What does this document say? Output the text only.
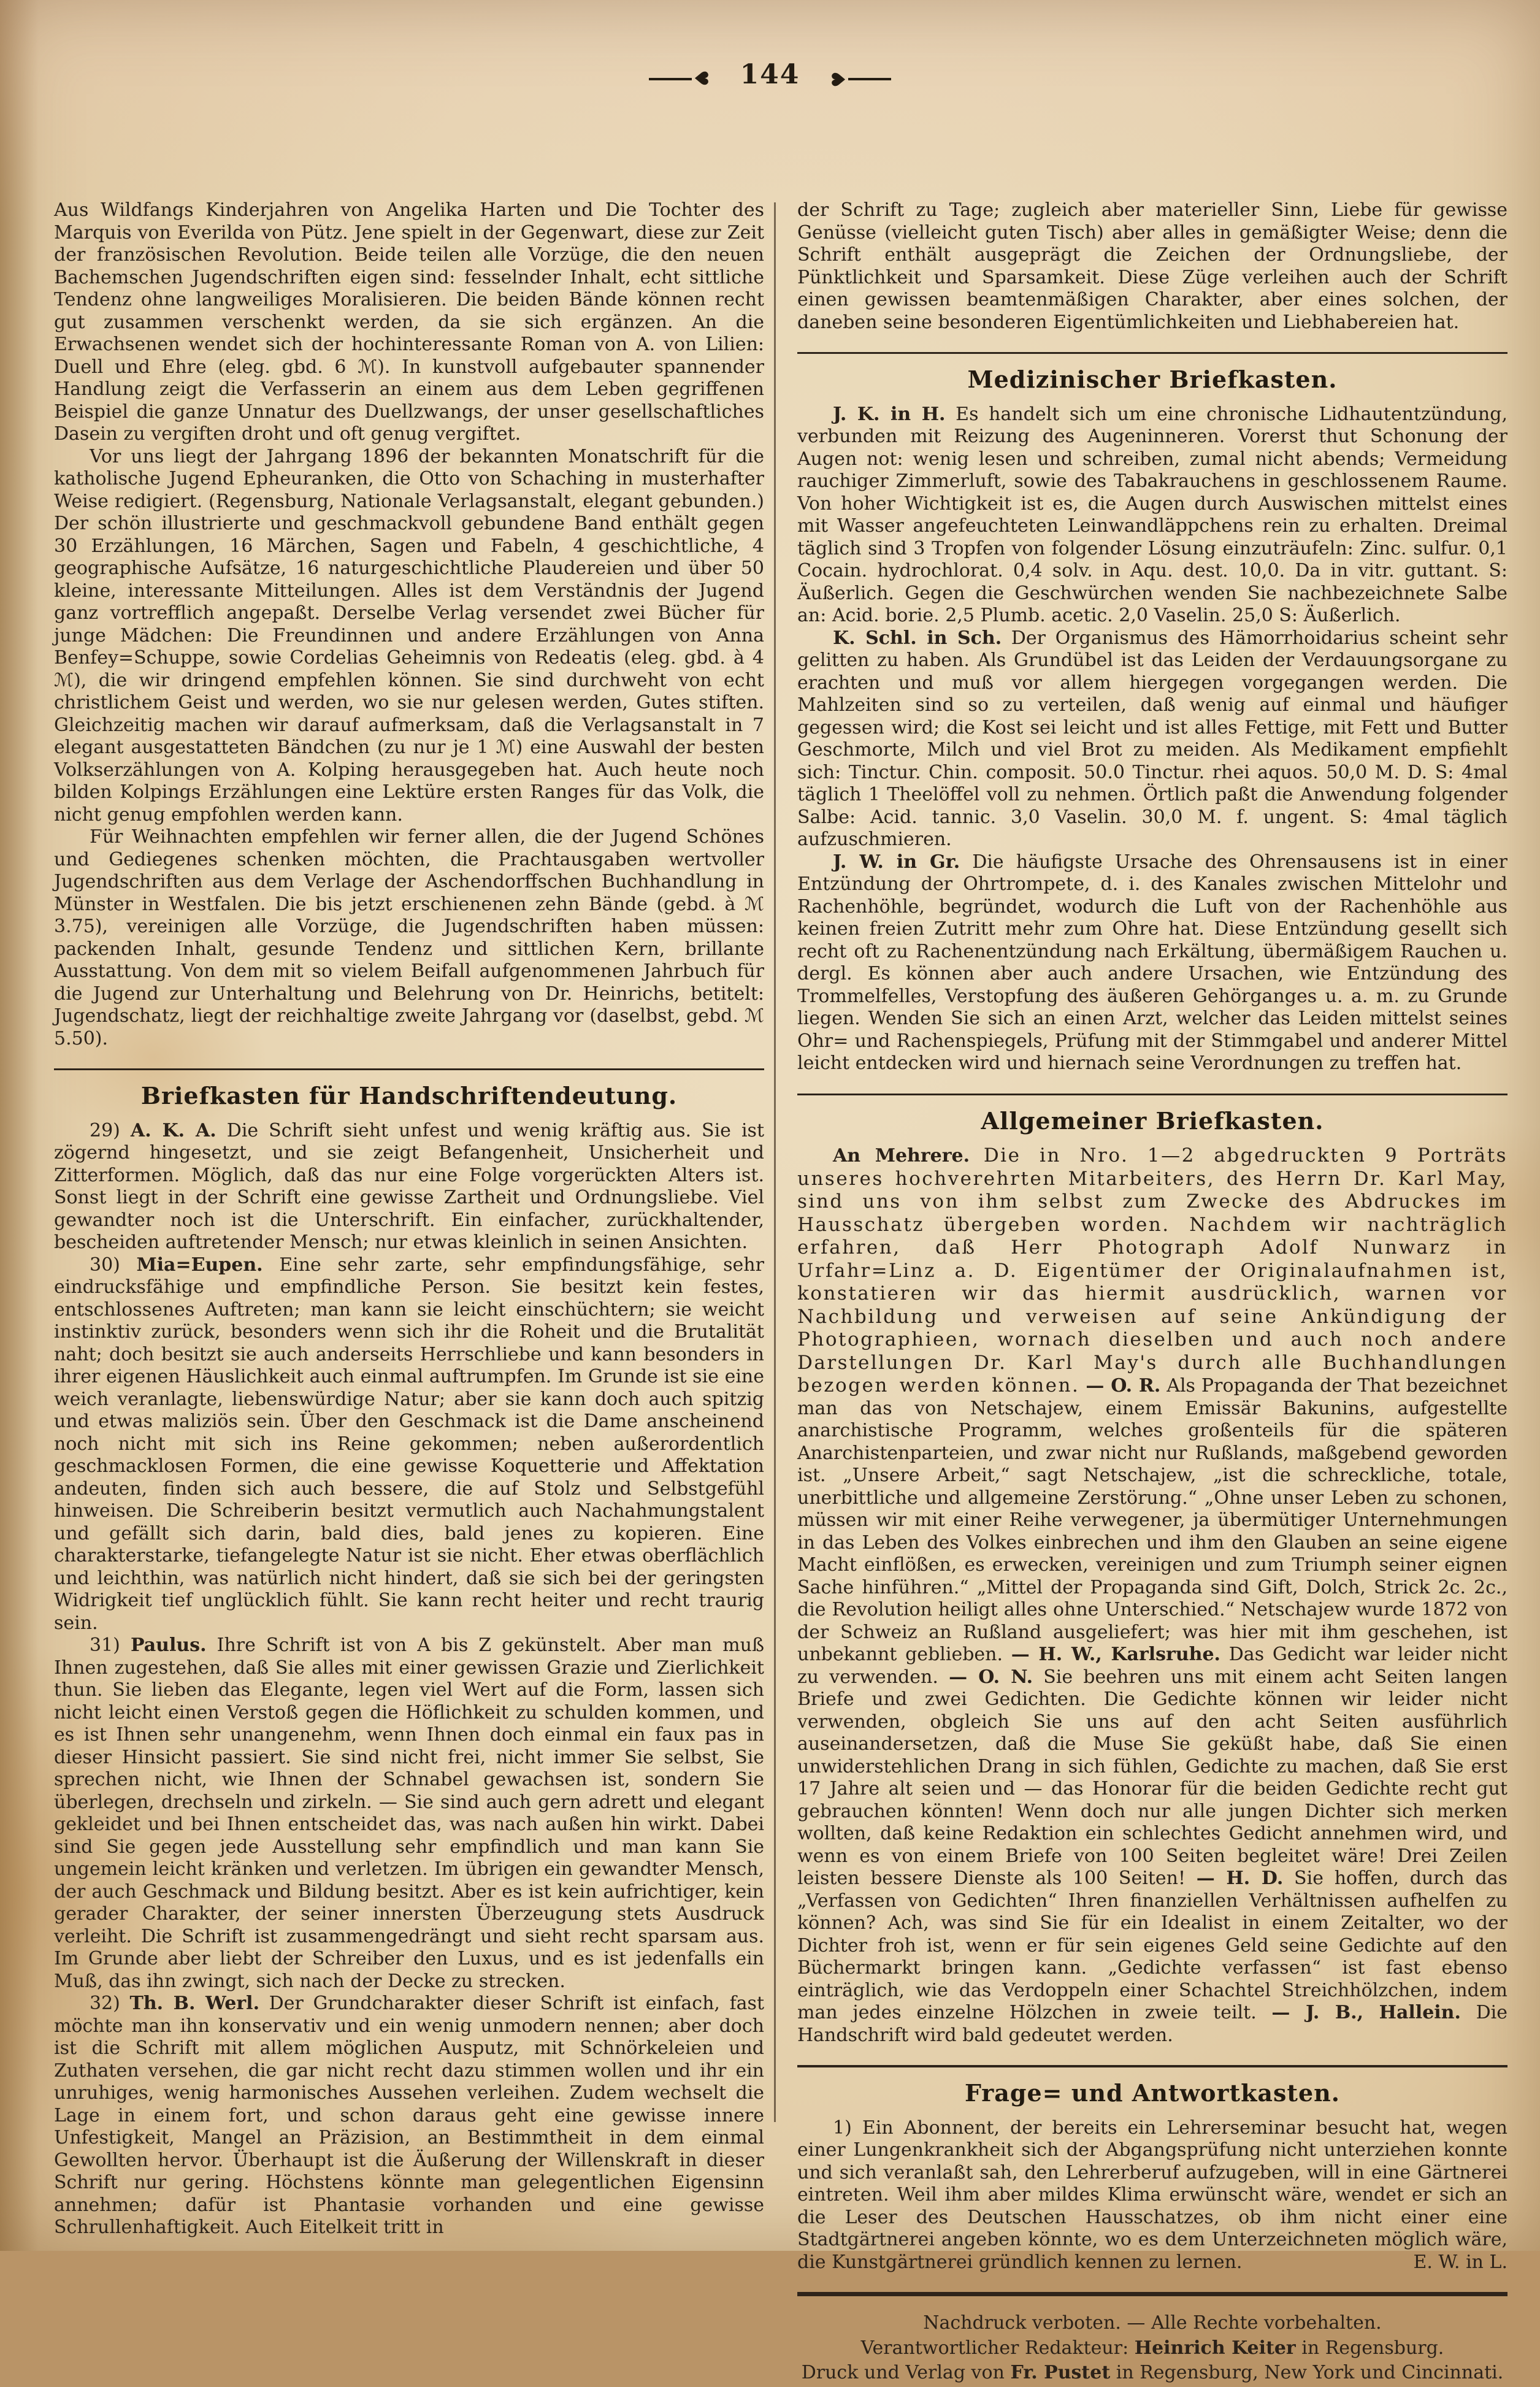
♥ 144 ♥

Aus Wildfangs Kinderjahren von Angelika Harten und Die Tochter des Marquis von Everilda von Pütz. Jene spielt in der Gegenwart, diese zur Zeit der französischen Revolution. Beide teilen alle Vorzüge, die den neuen Bachemschen Jugendschriften eigen sind: fesselnder Inhalt, echt sittliche Tendenz ohne langweiliges Moralisieren. Die beiden Bände können recht gut zusammen verschenkt werden, da sie sich ergänzen. An die Erwachsenen wendet sich der hochinteressante Roman von A. von Lilien: Duell und Ehre (eleg. gbd. 6 ℳ). In kunstvoll aufgebauter spannender Handlung zeigt die Verfasserin an einem aus dem Leben gegriffenen Beispiel die ganze Unnatur des Duellzwangs, der unser gesellschaftliches Dasein zu vergiften droht und oft genug vergiftet.

Vor uns liegt der Jahrgang 1896 der bekannten Monatschrift für die katholische Jugend Epheuranken, die Otto von Schaching in musterhafter Weise redigiert. (Regensburg, Nationale Verlagsanstalt, elegant gebunden.) Der schön illustrierte und geschmackvoll gebundene Band enthält gegen 30 Erzählungen, 16 Märchen, Sagen und Fabeln, 4 geschichtliche, 4 geographische Aufsätze, 16 naturgeschichtliche Plaudereien und über 50 kleine, interessante Mitteilungen. Alles ist dem Verständnis der Jugend ganz vortrefflich angepaßt. Derselbe Verlag versendet zwei Bücher für junge Mädchen: Die Freundinnen und andere Erzählungen von Anna Benfey=Schuppe, sowie Cordelias Geheimnis von Redeatis (eleg. gbd. à 4 ℳ), die wir dringend empfehlen können. Sie sind durchweht von echt christlichem Geist und werden, wo sie nur gelesen werden, Gutes stiften. Gleichzeitig machen wir darauf aufmerksam, daß die Verlagsanstalt in 7 elegant ausgestatteten Bändchen (zu nur je 1 ℳ) eine Auswahl der besten Volkserzählungen von A. Kolping herausgegeben hat. Auch heute noch bilden Kolpings Erzählungen eine Lektüre ersten Ranges für das Volk, die nicht genug empfohlen werden kann.

Für Weihnachten empfehlen wir ferner allen, die der Jugend Schönes und Gediegenes schenken möchten, die Prachtausgaben wertvoller Jugendschriften aus dem Verlage der Aschendorffschen Buchhandlung in Münster in Westfalen. Die bis jetzt erschienenen zehn Bände (gebd. à ℳ 3.75), vereinigen alle Vorzüge, die Jugendschriften haben müssen: packenden Inhalt, gesunde Tendenz und sittlichen Kern, brillante Ausstattung. Von dem mit so vielem Beifall aufgenommenen Jahrbuch für die Jugend zur Unterhaltung und Belehrung von Dr. Heinrichs, betitelt: Jugendschatz, liegt der reichhaltige zweite Jahrgang vor (daselbst, gebd. ℳ 5.50).

Briefkasten für Handschriftendeutung.

29) A. K. A. Die Schrift sieht unfest und wenig kräftig aus. Sie ist zögernd hingesetzt, und sie zeigt Befangenheit, Unsicherheit und Zitterformen. Möglich, daß das nur eine Folge vorgerückten Alters ist. Sonst liegt in der Schrift eine gewisse Zartheit und Ordnungsliebe. Viel gewandter noch ist die Unterschrift. Ein einfacher, zurückhaltender, bescheiden auftretender Mensch; nur etwas kleinlich in seinen Ansichten.

30) Mia=Eupen. Eine sehr zarte, sehr empfindungsfähige, sehr eindrucksfähige und empfindliche Person. Sie besitzt kein festes, entschlossenes Auftreten; man kann sie leicht einschüchtern; sie weicht instinktiv zurück, besonders wenn sich ihr die Roheit und die Brutalität naht; doch besitzt sie auch anderseits Herrschliebe und kann besonders in ihrer eigenen Häuslichkeit auch einmal auftrumpfen. Im Grunde ist sie eine weich veranlagte, liebenswürdige Natur; aber sie kann doch auch spitzig und etwas maliziös sein. Über den Geschmack ist die Dame anscheinend noch nicht mit sich ins Reine gekommen; neben außerordentlich geschmacklosen Formen, die eine gewisse Koquetterie und Affektation andeuten, finden sich auch bessere, die auf Stolz und Selbstgefühl hinweisen. Die Schreiberin besitzt vermutlich auch Nachahmungstalent und gefällt sich darin, bald dies, bald jenes zu kopieren. Eine charakterstarke, tiefangelegte Natur ist sie nicht. Eher etwas oberflächlich und leichthin, was natürlich nicht hindert, daß sie sich bei der geringsten Widrigkeit tief unglücklich fühlt. Sie kann recht heiter und recht traurig sein.

31) Paulus. Ihre Schrift ist von A bis Z gekünstelt. Aber man muß Ihnen zugestehen, daß Sie alles mit einer gewissen Grazie und Zierlichkeit thun. Sie lieben das Elegante, legen viel Wert auf die Form, lassen sich nicht leicht einen Verstoß gegen die Höflichkeit zu schulden kommen, und es ist Ihnen sehr unangenehm, wenn Ihnen doch einmal ein faux pas in dieser Hinsicht passiert. Sie sind nicht frei, nicht immer Sie selbst, Sie sprechen nicht, wie Ihnen der Schnabel gewachsen ist, sondern Sie überlegen, drechseln und zirkeln. — Sie sind auch gern adrett und elegant gekleidet und bei Ihnen entscheidet das, was nach außen hin wirkt. Dabei sind Sie gegen jede Ausstellung sehr empfindlich und man kann Sie ungemein leicht kränken und verletzen. Im übrigen ein gewandter Mensch, der auch Geschmack und Bildung besitzt. Aber es ist kein aufrichtiger, kein gerader Charakter, der seiner innersten Überzeugung stets Ausdruck verleiht. Die Schrift ist zusammengedrängt und sieht recht sparsam aus. Im Grunde aber liebt der Schreiber den Luxus, und es ist jedenfalls ein Muß, das ihn zwingt, sich nach der Decke zu strecken.

32) Th. B. Werl. Der Grundcharakter dieser Schrift ist einfach, fast möchte man ihn konservativ und ein wenig unmodern nennen; aber doch ist die Schrift mit allem möglichen Ausputz, mit Schnörkeleien und Zuthaten versehen, die gar nicht recht dazu stimmen wollen und ihr ein unruhiges, wenig harmonisches Aussehen verleihen. Zudem wechselt die Lage in einem fort, und schon daraus geht eine gewisse innere Unfestigkeit, Mangel an Präzision, an Bestimmtheit in dem einmal Gewollten hervor. Überhaupt ist die Äußerung der Willenskraft in dieser Schrift nur gering. Höchstens könnte man gelegentlichen Eigensinn annehmen; dafür ist Phantasie vorhanden und eine gewisse Schrullenhaftigkeit. Auch Eitelkeit tritt in

der Schrift zu Tage; zugleich aber materieller Sinn, Liebe für gewisse Genüsse (vielleicht guten Tisch) aber alles in gemäßigter Weise; denn die Schrift enthält ausgeprägt die Zeichen der Ordnungsliebe, der Pünktlichkeit und Sparsamkeit. Diese Züge verleihen auch der Schrift einen gewissen beamtenmäßigen Charakter, aber eines solchen, der daneben seine besonderen Eigentümlichkeiten und Liebhabereien hat.

Medizinischer Briefkasten.

J. K. in H. Es handelt sich um eine chronische Lidhautentzündung, verbunden mit Reizung des Augeninneren. Vorerst thut Schonung der Augen not: wenig lesen und schreiben, zumal nicht abends; Vermeidung rauchiger Zimmerluft, sowie des Tabakrauchens in geschlossenem Raume. Von hoher Wichtigkeit ist es, die Augen durch Auswischen mittelst eines mit Wasser angefeuchteten Leinwandläppchens rein zu erhalten. Dreimal täglich sind 3 Tropfen von folgender Lösung einzuträufeln: Zinc. sulfur. 0,1 Cocain. hydrochlorat. 0,4 solv. in Aqu. dest. 10,0. Da in vitr. guttant. S: Äußerlich. Gegen die Geschwürchen wenden Sie nachbezeichnete Salbe an: Acid. borie. 2,5 Plumb. acetic. 2,0 Vaselin. 25,0 S: Äußerlich.

K. Schl. in Sch. Der Organismus des Hämorrhoidarius scheint sehr gelitten zu haben. Als Grundübel ist das Leiden der Verdauungsorgane zu erachten und muß vor allem hiergegen vorgegangen werden. Die Mahlzeiten sind so zu verteilen, daß wenig auf einmal und häufiger gegessen wird; die Kost sei leicht und ist alles Fettige, mit Fett und Butter Geschmorte, Milch und viel Brot zu meiden. Als Medikament empfiehlt sich: Tinctur. Chin. composit. 50.0 Tinctur. rhei aquos. 50,0 M. D. S: 4mal täglich 1 Theelöffel voll zu nehmen. Örtlich paßt die Anwendung folgender Salbe: Acid. tannic. 3,0 Vaselin. 30,0 M. f. ungent. S: 4mal täglich aufzuschmieren.

J. W. in Gr. Die häufigste Ursache des Ohrensausens ist in einer Entzündung der Ohrtrompete, d. i. des Kanales zwischen Mittelohr und Rachenhöhle, begründet, wodurch die Luft von der Rachenhöhle aus keinen freien Zutritt mehr zum Ohre hat. Diese Entzündung gesellt sich recht oft zu Rachenentzündung nach Erkältung, übermäßigem Rauchen u. dergl. Es können aber auch andere Ursachen, wie Entzündung des Trommelfelles, Verstopfung des äußeren Gehörganges u. a. m. zu Grunde liegen. Wenden Sie sich an einen Arzt, welcher das Leiden mittelst seines Ohr= und Rachenspiegels, Prüfung mit der Stimmgabel und anderer Mittel leicht entdecken wird und hiernach seine Verordnungen zu treffen hat.

Allgemeiner Briefkasten.

An Mehrere. Die in Nro. 1—2 abgedruckten 9 Porträts unseres hochverehrten Mitarbeiters, des Herrn Dr. Karl May, sind uns von ihm selbst zum Zwecke des Abdruckes im Hausschatz übergeben worden. Nachdem wir nachträglich erfahren, daß Herr Photograph Adolf Nunwarz in Urfahr=Linz a. D. Eigentümer der Originalaufnahmen ist, konstatieren wir das hiermit ausdrücklich, warnen vor Nachbildung und verweisen auf seine Ankündigung der Photographieen, wornach dieselben und auch noch andere Darstellungen Dr. Karl May's durch alle Buchhandlungen bezogen werden können. — O. R. Als Propaganda der That bezeichnet man das von Netschajew, einem Emissär Bakunins, aufgestellte anarchistische Programm, welches großenteils für die späteren Anarchistenparteien, und zwar nicht nur Rußlands, maßgebend geworden ist. „Unsere Arbeit,“ sagt Netschajew, „ist die schreckliche, totale, unerbittliche und allgemeine Zerstörung.“ „Ohne unser Leben zu schonen, müssen wir mit einer Reihe verwegener, ja übermütiger Unternehmungen in das Leben des Volkes einbrechen und ihm den Glauben an seine eigene Macht einflößen, es erwecken, vereinigen und zum Triumph seiner eignen Sache hinführen.“ „Mittel der Propaganda sind Gift, Dolch, Strick 2c. 2c., die Revolution heiligt alles ohne Unterschied.“ Netschajew wurde 1872 von der Schweiz an Rußland ausgeliefert; was hier mit ihm geschehen, ist unbekannt geblieben. — H. W., Karlsruhe. Das Gedicht war leider nicht zu verwenden. — O. N. Sie beehren uns mit einem acht Seiten langen Briefe und zwei Gedichten. Die Gedichte können wir leider nicht verwenden, obgleich Sie uns auf den acht Seiten ausführlich auseinandersetzen, daß die Muse Sie geküßt habe, daß Sie einen unwiderstehlichen Drang in sich fühlen, Gedichte zu machen, daß Sie erst 17 Jahre alt seien und — das Honorar für die beiden Gedichte recht gut gebrauchen könnten! Wenn doch nur alle jungen Dichter sich merken wollten, daß keine Redaktion ein schlechtes Gedicht annehmen wird, und wenn es von einem Briefe von 100 Seiten begleitet wäre! Drei Zeilen leisten bessere Dienste als 100 Seiten! — H. D. Sie hoffen, durch das „Verfassen von Gedichten“ Ihren finanziellen Verhältnissen aufhelfen zu können? Ach, was sind Sie für ein Idealist in einem Zeitalter, wo der Dichter froh ist, wenn er für sein eigenes Geld seine Gedichte auf den Büchermarkt bringen kann. „Gedichte verfassen“ ist fast ebenso einträglich, wie das Verdoppeln einer Schachtel Streichhölzchen, indem man jedes einzelne Hölzchen in zweie teilt. — J. B., Hallein. Die Handschrift wird bald gedeutet werden.

Frage= und Antwortkasten.

1) Ein Abonnent, der bereits ein Lehrerseminar besucht hat, wegen einer Lungenkrankheit sich der Abgangsprüfung nicht unterziehen konnte und sich veranlaßt sah, den Lehrerberuf aufzugeben, will in eine Gärtnerei eintreten. Weil ihm aber mildes Klima erwünscht wäre, wendet er sich an die Leser des Deutschen Hausschatzes, ob ihm nicht einer eine Stadtgärtnerei angeben könnte, wo es dem Unterzeichneten möglich wäre, die Kunstgärtnerei gründlich kennen zu lernen.	E. W. in L.

Nachdruck verboten. — Alle Rechte vorbehalten.
Verantwortlicher Redakteur: Heinrich Keiter in Regensburg.
Druck und Verlag von Fr. Pustet in Regensburg, New York und Cincinnati.
